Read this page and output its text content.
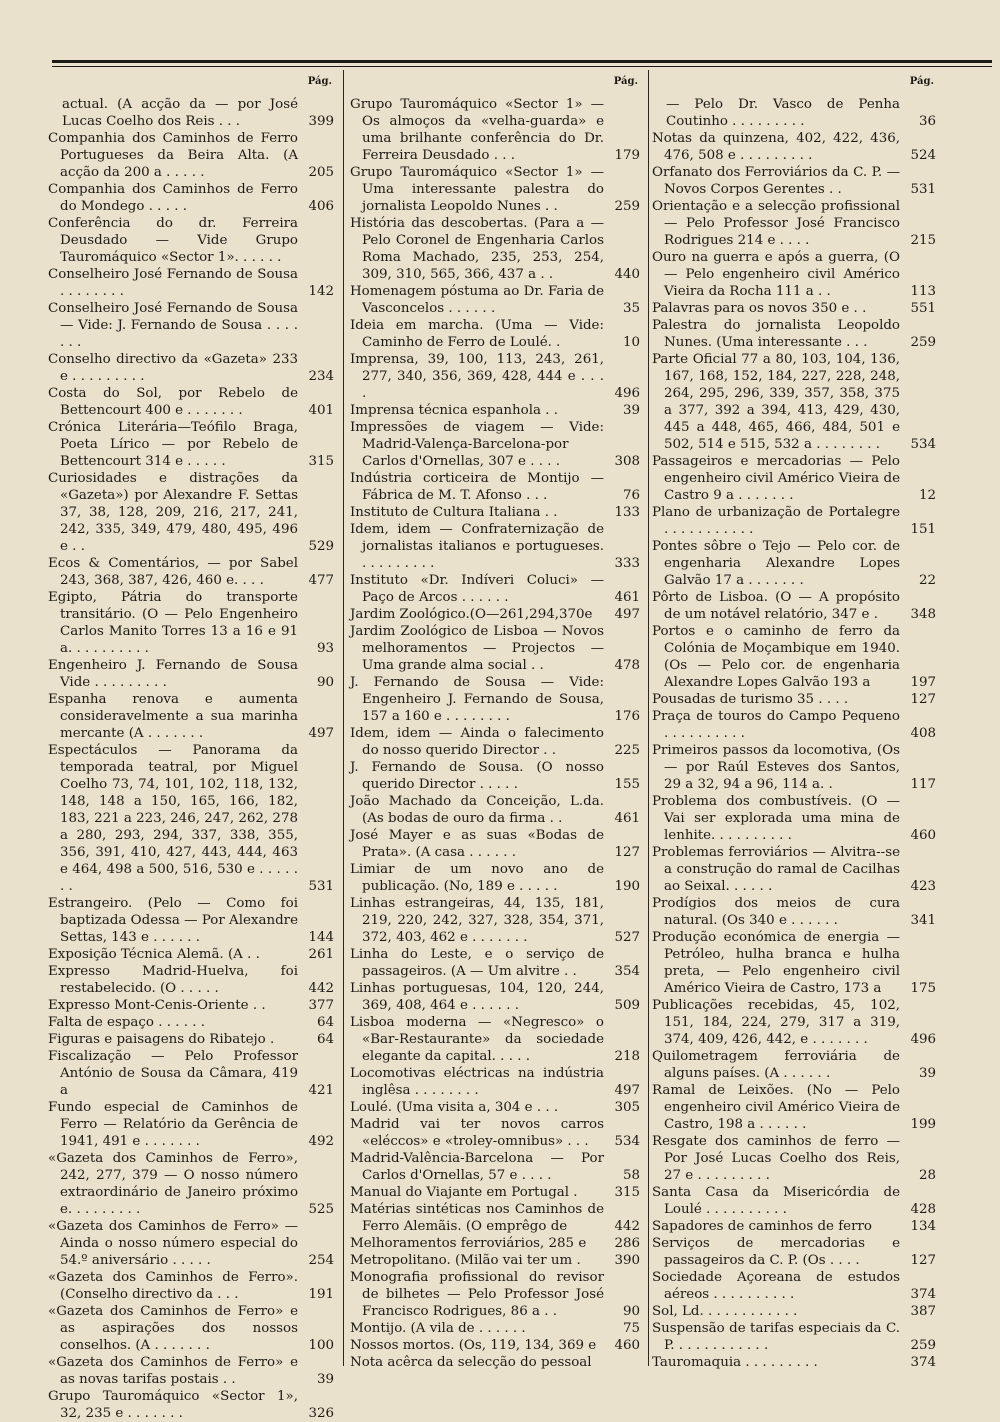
Pág.
actual. (A acção da — por José Lucas Coelho dos Reis . . .	399
Companhia dos Caminhos de Ferro Portugueses da Beira Alta. (A acção da 200 a . . . . .	205
Companhia dos Caminhos de Ferro do Mondego . . . . .	406
Conferência do dr. Ferreira Deusdado — Vide Grupo Tauromáquico «Sector 1». . . . . .
Conselheiro José Fernando de Sousa . . . . . . . .	142
Conselheiro José Fernando de Sousa — Vide: J. Fernando de Sousa . . . . . . .
Conselho directivo da «Gazeta» 233 e . . . . . . . . .	234
Costa do Sol, por Rebelo de Bettencourt 400 e . . . . . . .	401
Crónica Literária—Teófilo Braga, Poeta Lírico — por Rebelo de Bettencourt 314 e . . . . .	315
Curiosidades e distrações da «Gazeta») por Alexandre F. Settas 37, 38, 128, 209, 216, 217, 241, 242, 335, 349, 479, 480, 495, 496 e . .	529
Ecos & Comentários, — por Sabel 243, 368, 387, 426, 460 e. . . .	477
Egipto, Pátria do transporte transitário. (O — Pelo Engenheiro Carlos Manito Torres 13 a 16 e 91 a. . . . . . . . . .	93
Engenheiro J. Fernando de Sousa Vide . . . . . . . . .	90
Espanha renova e aumenta consideravelmente a sua marinha mercante (A . . . . . . .	497
Espectáculos — Panorama da temporada teatral, por Miguel Coelho 73, 74, 101, 102, 118, 132, 148, 148 a 150, 165, 166, 182, 183, 221 a 223, 246, 247, 262, 278 a 280, 293, 294, 337, 338, 355, 356, 391, 410, 427, 443, 444, 463 e 464, 498 a 500, 516, 530 e . . . . . . .	531
Estrangeiro. (Pelo — Como foi baptizada Odessa — Por Alexandre Settas, 143 e . . . . . .	144
Exposição Técnica Alemã. (A . .	261
Expresso Madrid-Huelva, foi restabelecido. (O . . . . .	442
Expresso Mont-Cenis-Oriente . .	377
Falta de espaço . . . . . .	64
Figuras e paisagens do Ribatejo .	64
Fiscalização — Pelo Professor António de Sousa da Câmara, 419 a	421
Fundo especial de Caminhos de Ferro — Relatório da Gerência de 1941, 491 e . . . . . . .	492
«Gazeta dos Caminhos de Ferro», 242, 277, 379 — O nosso número extraordinário de Janeiro próximo e. . . . . . . . .	525
«Gazeta dos Caminhos de Ferro» — Ainda o nosso número especial do 54.º aniversário . . . . .	254
«Gazeta dos Caminhos de Ferro». (Conselho directivo da . . .	191
«Gazeta dos Caminhos de Ferro» e as aspirações dos nossos conselhos. (A . . . . . . .	100
«Gazeta dos Caminhos de Ferro» e as novas tarifas postais . .	39
Grupo Tauromáquico «Sector 1», 32, 235 e . . . . . . .	326
Pág.
Grupo Tauromáquico «Sector 1» — Os almoços da «velha-guarda» e uma brilhante conferência do Dr. Ferreira Deusdado . . .	179
Grupo Tauromáquico «Sector 1» — Uma interessante palestra do jornalista Leopoldo Nunes . .	259
História das descobertas. (Para a — Pelo Coronel de Engenharia Carlos Roma Machado, 235, 253, 254, 309, 310, 565, 366, 437 a . .	440
Homenagem póstuma ao Dr. Faria de Vasconcelos . . . . . .	35
Ideia em marcha. (Uma — Vide: Caminho de Ferro de Loulé. .	10
Imprensa, 39, 100, 113, 243, 261, 277, 340, 356, 369, 428, 444 e . . . .	496
Imprensa técnica espanhola . .	39
Impressões de viagem — Vide: Madrid-Valença-Barcelona-por Carlos d'Ornellas, 307 e . . . .	308
Indústria corticeira de Montijo — Fábrica de M. T. Afonso . . .	76
Instituto de Cultura Italiana . .	133
Idem, idem — Confraternização de jornalistas italianos e portugueses. . . . . . . . . .	333
Instituto «Dr. Indíveri Coluci» — Paço de Arcos . . . . . .	461
Jardim Zoológico.(O—261,294,370e	497
Jardim Zoológico de Lisboa — Novos melhoramentos — Projectos — Uma grande alma social . .	478
J. Fernando de Sousa — Vide: Engenheiro J. Fernando de Sousa, 157 a 160 e . . . . . . . .	176
Idem, idem — Ainda o falecimento do nosso querido Director . .	225
J. Fernando de Sousa. (O nosso querido Director . . . . .	155
João Machado da Conceição, L.da. (As bodas de ouro da firma . .	461
José Mayer e as suas «Bodas de Prata». (A casa . . . . . .	127
Limiar de um novo ano de publicação. (No, 189 e . . . . .	190
Linhas estrangeiras, 44, 135, 181, 219, 220, 242, 327, 328, 354, 371, 372, 403, 462 e . . . . . . .	527
Linha do Leste, e o serviço de passageiros. (A — Um alvitre . .	354
Linhas portuguesas, 104, 120, 244, 369, 408, 464 e . . . . . .	509
Lisboa moderna — «Negresco» o «Bar-Restaurante» da sociedade elegante da capital. . . . .	218
Locomotivas eléctricas na indústria inglêsa . . . . . . . .	497
Loulé. (Uma visita a, 304 e . . .	305
Madrid vai ter novos carros «eléccos» e «troley-omnibus» . . .	534
Madrid-Valência-Barcelona — Por Carlos d'Ornellas, 57 e . . . .	58
Manual do Viajante em Portugal .	315
Matérias sintéticas nos Caminhos de Ferro Alemãis. (O emprêgo de	442
Melhoramentos ferroviários, 285 e	286
Metropolitano. (Milão vai ter um .	390
Monografia profissional do revisor de bilhetes — Pelo Professor José Francisco Rodrigues, 86 a . .	90
Montijo. (A vila de . . . . . .	75
Nossos mortos. (Os, 119, 134, 369 e	460
Nota acêrca da selecção do pessoal
Pág.
— Pelo Dr. Vasco de Penha Coutinho . . . . . . . . .	36
Notas da quinzena, 402, 422, 436, 476, 508 e . . . . . . . . .	524
Orfanato dos Ferroviários da C. P. — Novos Corpos Gerentes . .	531
Orientação e a selecção profissional — Pelo Professor José Francisco Rodrigues 214 e . . . .	215
Ouro na guerra e após a guerra, (O — Pelo engenheiro civil Américo Vieira da Rocha 111 a . .	113
Palavras para os novos 350 e . .	551
Palestra do jornalista Leopoldo Nunes. (Uma interessante . . .	259
Parte Oficial 77 a 80, 103, 104, 136, 167, 168, 152, 184, 227, 228, 248, 264, 295, 296, 339, 357, 358, 375 a 377, 392 a 394, 413, 429, 430, 445 a 448, 465, 466, 484, 501 e 502, 514 e 515, 532 a . . . . . . . .	534
Passageiros e mercadorias — Pelo engenheiro civil Américo Vieira de Castro 9 a . . . . . . .	12
Plano de urbanização de Portalegre . . . . . . . . . . .	151
Pontes sôbre o Tejo — Pelo cor. de engenharia Alexandre Lopes Galvão 17 a . . . . . . .	22
Pôrto de Lisboa. (O — A propósito de um notável relatório, 347 e .	348
Portos e o caminho de ferro da Colónia de Moçambique em 1940. (Os — Pelo cor. de engenharia Alexandre Lopes Galvão 193 a	197
Pousadas de turismo 35 . . . .	127
Praça de touros do Campo Pequeno . . . . . . . . . .	408
Primeiros passos da locomotiva, (Os — por Raúl Esteves dos Santos, 29 a 32, 94 a 96, 114 a. .	117
Problema dos combustíveis. (O — Vai ser explorada uma mina de lenhite. . . . . . . . . .	460
Problemas ferroviários — Alvitra--se a construção do ramal de Cacilhas ao Seixal. . . . . .	423
Prodígios dos meios de cura natural. (Os 340 e . . . . . .	341
Produção económica de energia — Petróleo, hulha branca e hulha preta, — Pelo engenheiro civil Américo Vieira de Castro, 173 a	175
Publicações recebidas, 45, 102, 151, 184, 224, 279, 317 a 319, 374, 409, 426, 442, e . . . . . . .	496
Quilometragem ferroviária de alguns países. (A . . . . . .	39
Ramal de Leixões. (No — Pelo engenheiro civil Américo Vieira de Castro, 198 a . . . . . .	199
Resgate dos caminhos de ferro — Por José Lucas Coelho dos Reis, 27 e . . . . . . . . .	28
Santa Casa da Misericórdia de Loulé . . . . . . . . . .	428
Sapadores de caminhos de ferro	134
Serviços de mercadorias e passageiros da C. P. (Os . . . .	127
Sociedade Açoreana de estudos aéreos . . . . . . . . . .	374
Sol, Ld. . . . . . . . . . . .	387
Suspensão de tarifas especiais da C. P. . . . . . . . . . . .	259
Tauromaquia . . . . . . . . .	374
